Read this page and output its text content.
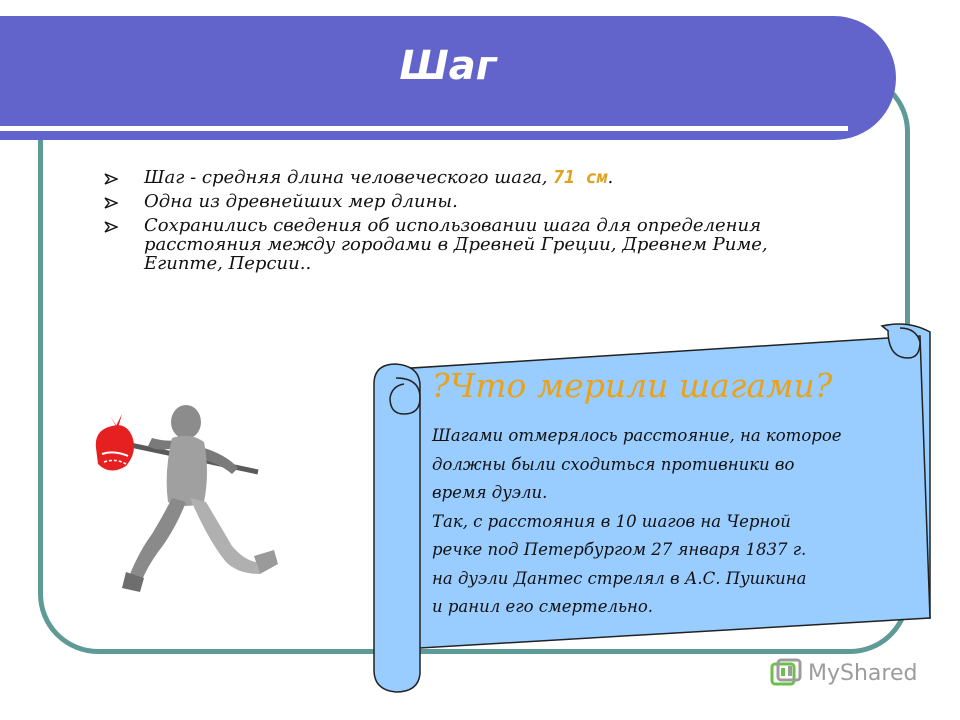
Шаг
Шаг - средняя длина человеческого шага, 71 см.
Одна из древнейших мер длины.
Сохранились сведения об использовании шага для определения расстояния между городами в Древней Греции, Древнем Риме, Египте, Персии..
?Что мерили шагами?
Шагами отмерялось расстояние, на которое
должны были сходиться противники во
время дуэли.
Так, с расстояния в 10 шагов на Черной
речке под Петербургом 27 января 1837 г.
на дуэли Дантес стрелял в А.С. Пушкина
и ранил его смертельно.
MyShared
